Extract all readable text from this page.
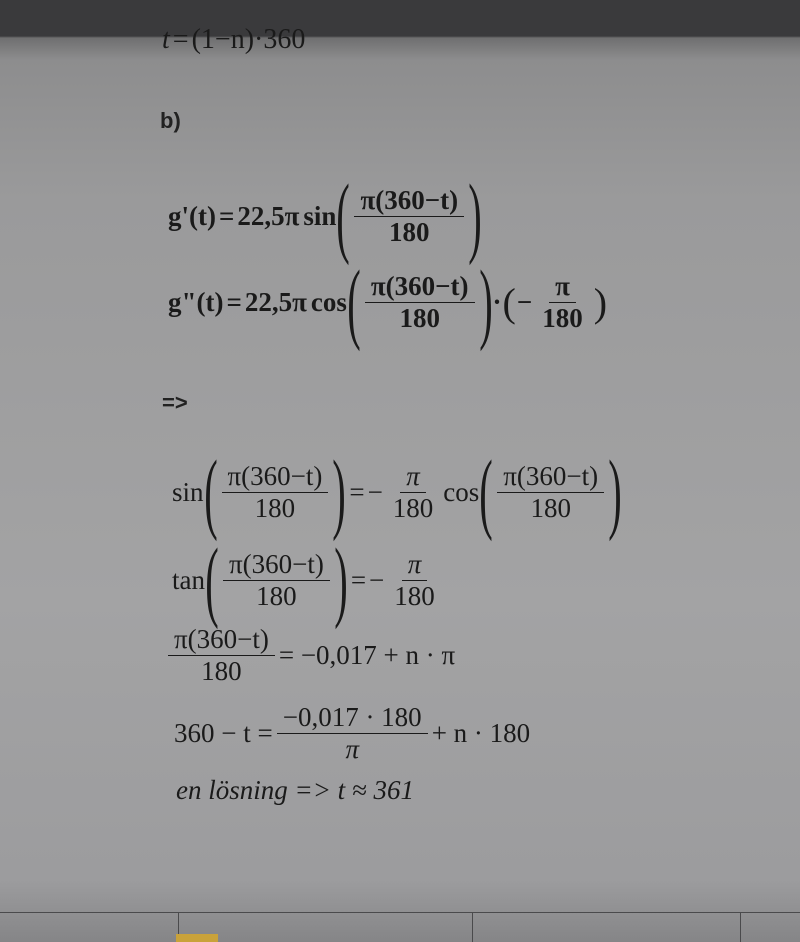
t = (1−n)·360
b)
g'(t) = 22,5π sin ( $\frac{\pi(360-t)}{180}$ )
g"(t) = 22,5π cos ( $\frac{\pi(360-t)}{180}$ ) · ( − $\frac{\pi}{180}$ )
=>
sin ( $\frac{\pi(360-t)}{180}$ ) = − $\frac{\pi}{180}$ cos ( $\frac{\pi(360-t)}{180}$ )
tan ( $\frac{\pi(360-t)}{180}$ ) = − $\frac{\pi}{180}$
$\frac{\pi(360-t)}{180} = -0,017 + n \cdot \pi$
$360 - t = \frac{-0,017 \cdot 180}{\pi} + n \cdot 180$
en lösning => t ≈ 361
